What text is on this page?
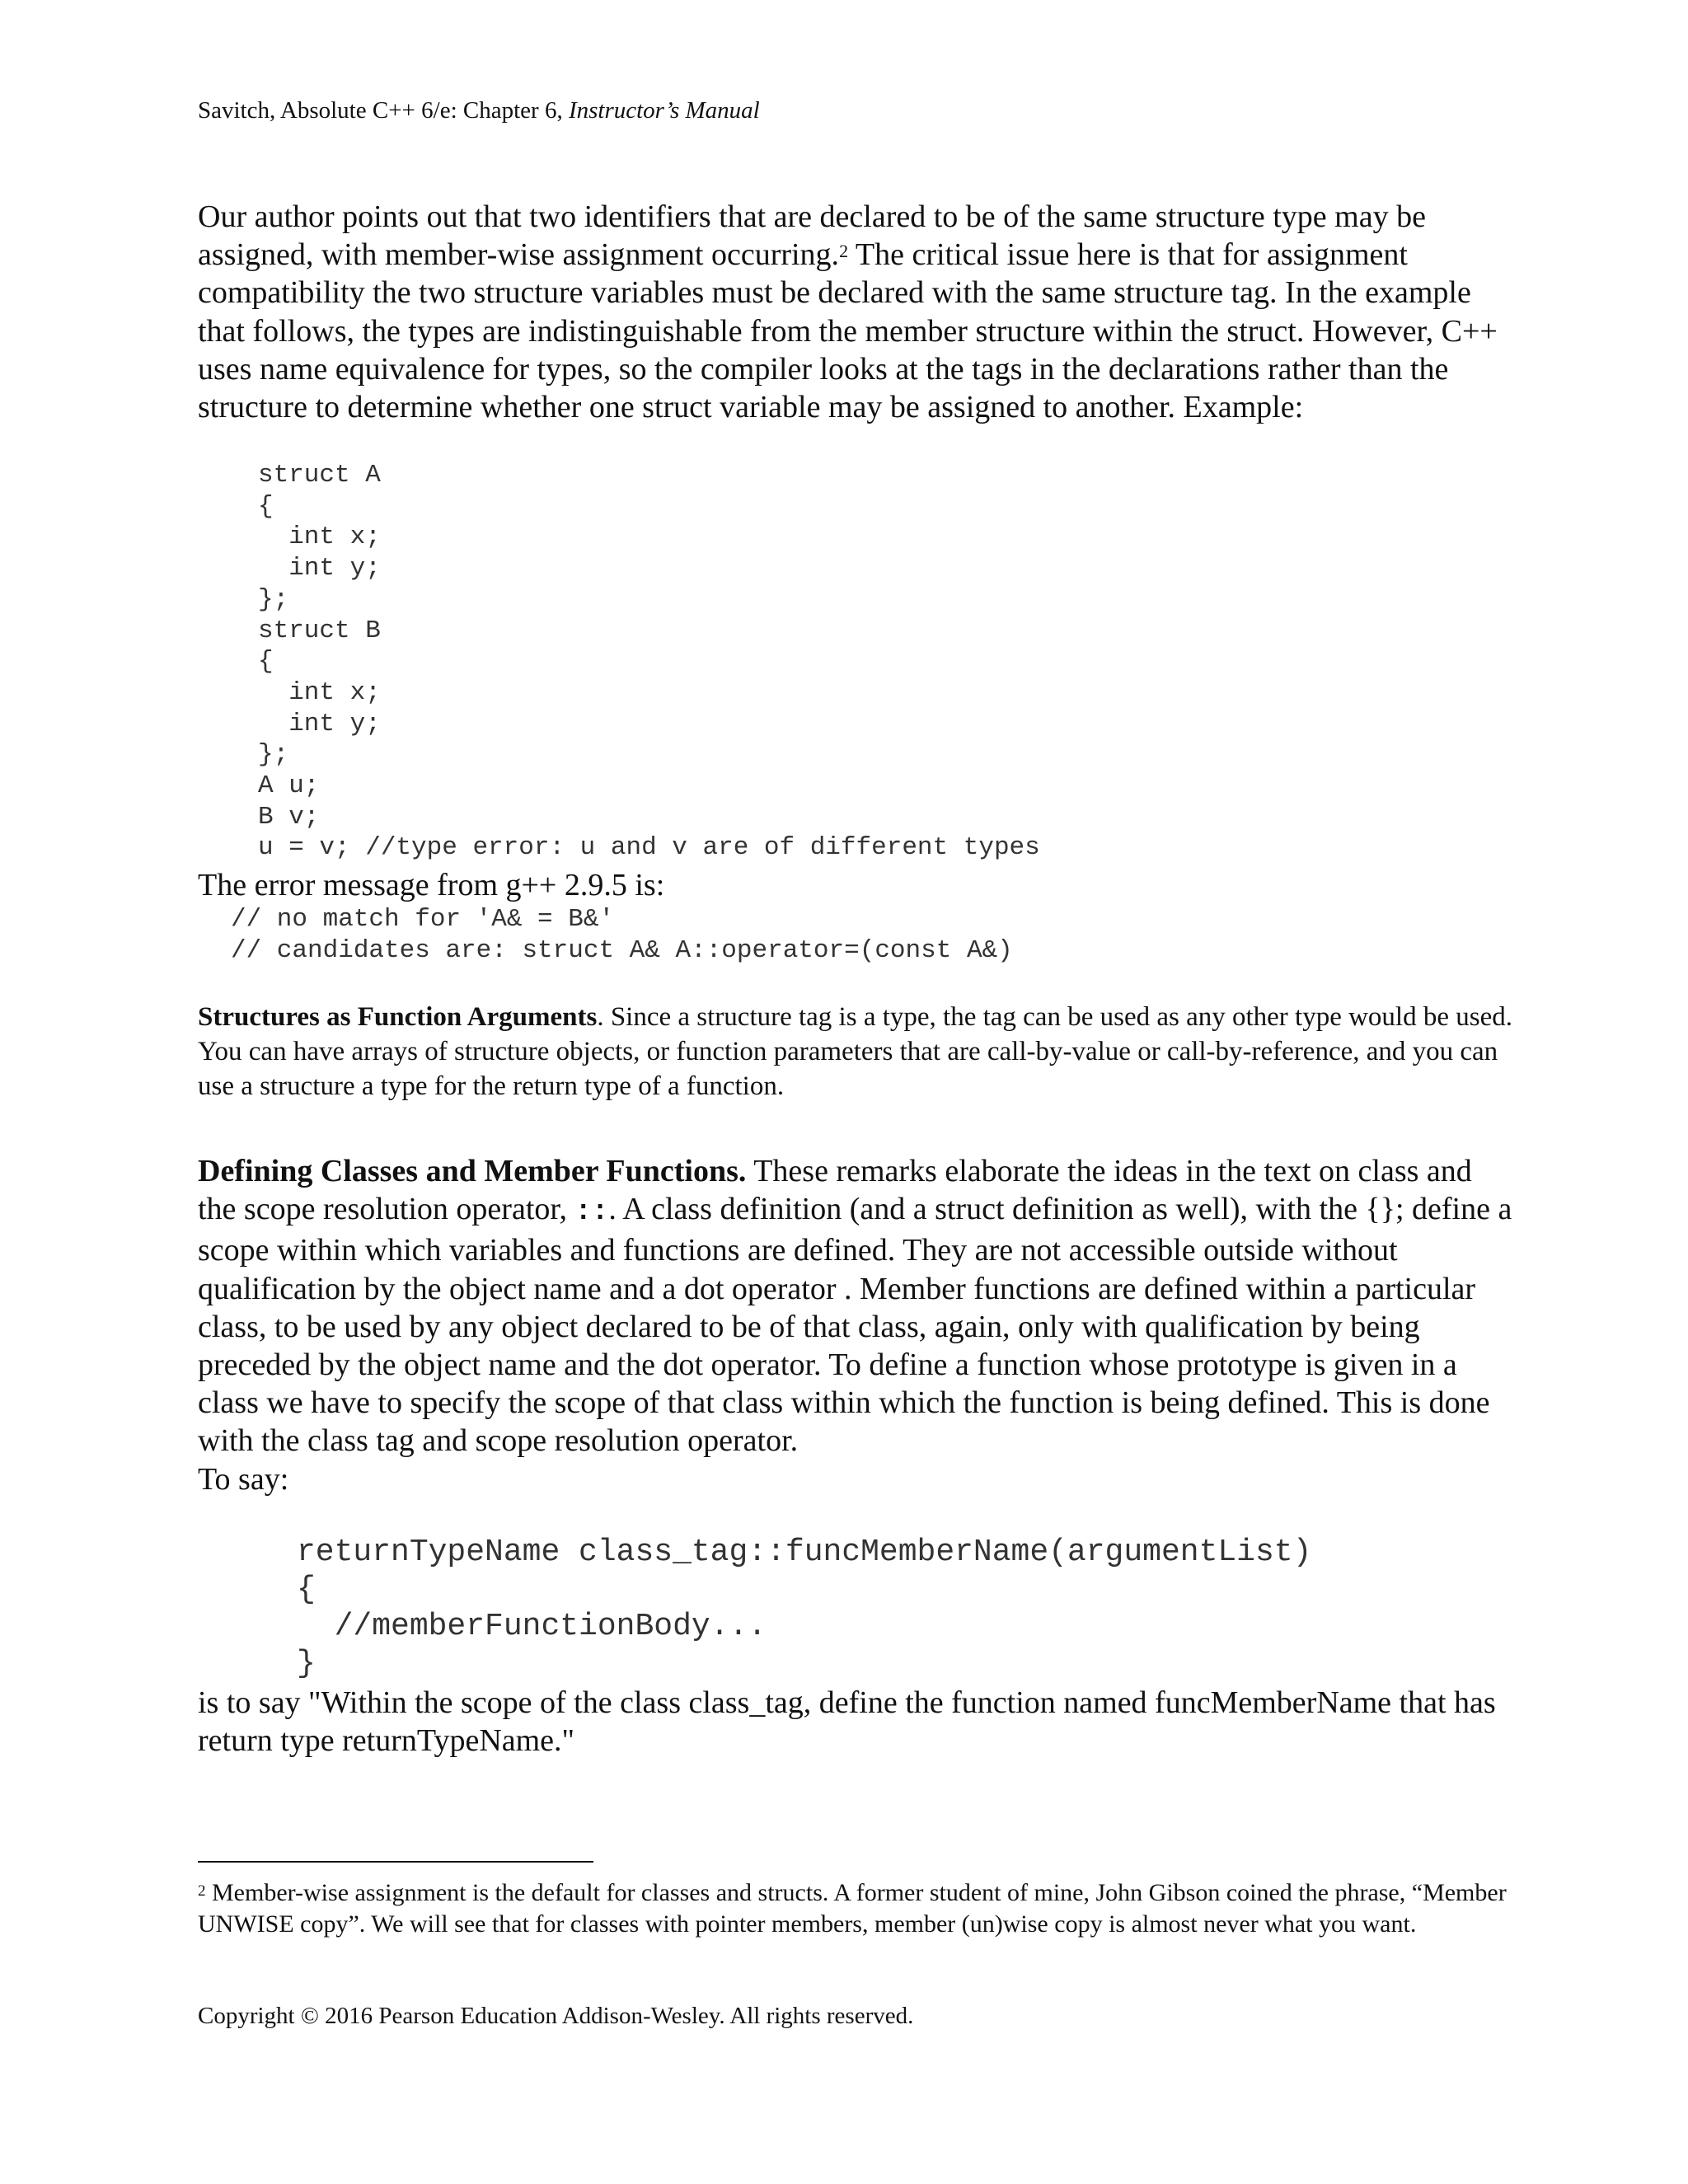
Savitch, Absolute C++ 6/e: Chapter 6, Instructor’s Manual
Our author points out that two identifiers that are declared to be of the same structure type may be assigned, with member-wise assignment occurring.$^2$ The critical issue here is that for assignment compatibility the two structure variables must be declared with the same structure tag. In the example that follows, the types are indistinguishable from the member structure within the struct. However, C++ uses name equivalence for types, so the compiler looks at the tags in the declarations rather than the structure to determine whether one struct variable may be assigned to another. Example:
struct A
{
int x;
int y;
};
struct B
{
int x;
int y;
};
A u;
B v;
u = v; //type error: u and v are of different types

The error message from g++ 2.9.5 is:
// no match for 'A& = B&'
// candidates are: struct A& A::operator=(const A&)

Structures as Function Arguments. Since a structure tag is a type, the tag can be used as any other type would be used. You can have arrays of structure objects, or function parameters that are call-by-value or call-by-reference, and you can use a structure a type for the return type of a function.
Defining Classes and Member Functions. These remarks elaborate the ideas in the text on class and the scope resolution operator, ::. A class definition (and a struct definition as well), with the {}; define a scope within which variables and functions are defined. They are not accessible outside without qualification by the object name and a dot operator . Member functions are defined within a particular class, to be used by any object declared to be of that class, again, only with qualification by being preceded by the object name and the dot operator. To define a function whose prototype is given in a class we have to specify the scope of that class within which the function is being defined. This is done with the class tag and scope resolution operator.
To say:
returnTypeName class_tag::funcMemberName(argumentList)
{
//memberFunctionBody...
}

is to say "Within the scope of the class class_tag, define the function named funcMemberName that has return type returnTypeName."
$^2$ Member-wise assignment is the default for classes and structs. A former student of mine, John Gibson coined the phrase, “Member UNWISE copy”. We will see that for classes with pointer members, member (un)wise copy is almost never what you want.
Copyright © 2016 Pearson Education Addison-Wesley. All rights reserved.
